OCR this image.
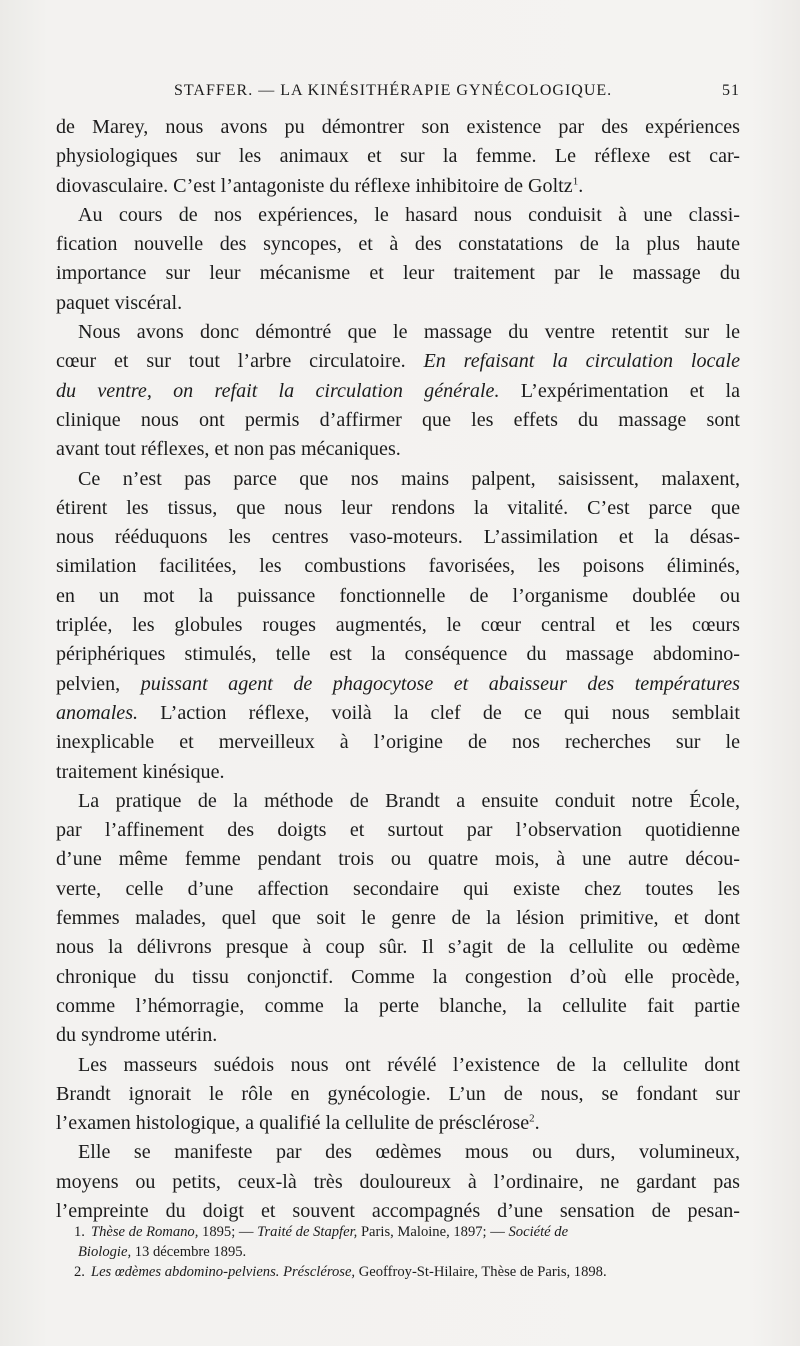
STAFFER. — LA KINÉSITHÉRAPIE GYNÉCOLOGIQUE.	51

de Marey, nous avons pu démontrer son existence par des expériences
physiologiques sur les animaux et sur la femme. Le réflexe est car-
diovasculaire. C’est l’antagoniste du réflexe inhibitoire de Goltz$^1$.

Au cours de nos expériences, le hasard nous conduisit à une classi-
fication nouvelle des syncopes, et à des constatations de la plus haute
importance sur leur mécanisme et leur traitement par le massage du
paquet viscéral.

Nous avons donc démontré que le massage du ventre retentit sur le
cœur et sur tout l’arbre circulatoire. En refaisant la circulation locale
du ventre, on refait la circulation générale. L’expérimentation et la
clinique nous ont permis d’affirmer que les effets du massage sont
avant tout réflexes, et non pas mécaniques.

Ce n’est pas parce que nos mains palpent, saisissent, malaxent,
étirent les tissus, que nous leur rendons la vitalité. C’est parce que
nous rééduquons les centres vaso-moteurs. L’assimilation et la désas-
similation facilitées, les combustions favorisées, les poisons éliminés,
en un mot la puissance fonctionnelle de l’organisme doublée ou
triplée, les globules rouges augmentés, le cœur central et les cœurs
périphériques stimulés, telle est la conséquence du massage abdomino-
pelvien, puissant agent de phagocytose et abaisseur des températures
anomales. L’action réflexe, voilà la clef de ce qui nous semblait
inexplicable et merveilleux à l’origine de nos recherches sur le
traitement kinésique.

La pratique de la méthode de Brandt a ensuite conduit notre École,
par l’affinement des doigts et surtout par l’observation quotidienne
d’une même femme pendant trois ou quatre mois, à une autre décou-
verte, celle d’une affection secondaire qui existe chez toutes les
femmes malades, quel que soit le genre de la lésion primitive, et dont
nous la délivrons presque à coup sûr. Il s’agit de la cellulite ou œdème
chronique du tissu conjonctif. Comme la congestion d’où elle procède,
comme l’hémorragie, comme la perte blanche, la cellulite fait partie
du syndrome utérin.

Les masseurs suédois nous ont révélé l’existence de la cellulite dont
Brandt ignorait le rôle en gynécologie. L’un de nous, se fondant sur
l’examen histologique, a qualifié la cellulite de présclérose$^2$.

Elle se manifeste par des œdèmes mous ou durs, volumineux,
moyens ou petits, ceux-là très douloureux à l’ordinaire, ne gardant pas
l’empreinte du doigt et souvent accompagnés d’une sensation de pesan-

1. Thèse de Romano, 1895; — Traité de Stapfer, Paris, Maloine, 1897; — Société de
Biologie, 13 décembre 1895.
2. Les œdèmes abdomino-pelviens. Présclérose, Geoffroy-St-Hilaire, Thèse de Paris, 1898.
